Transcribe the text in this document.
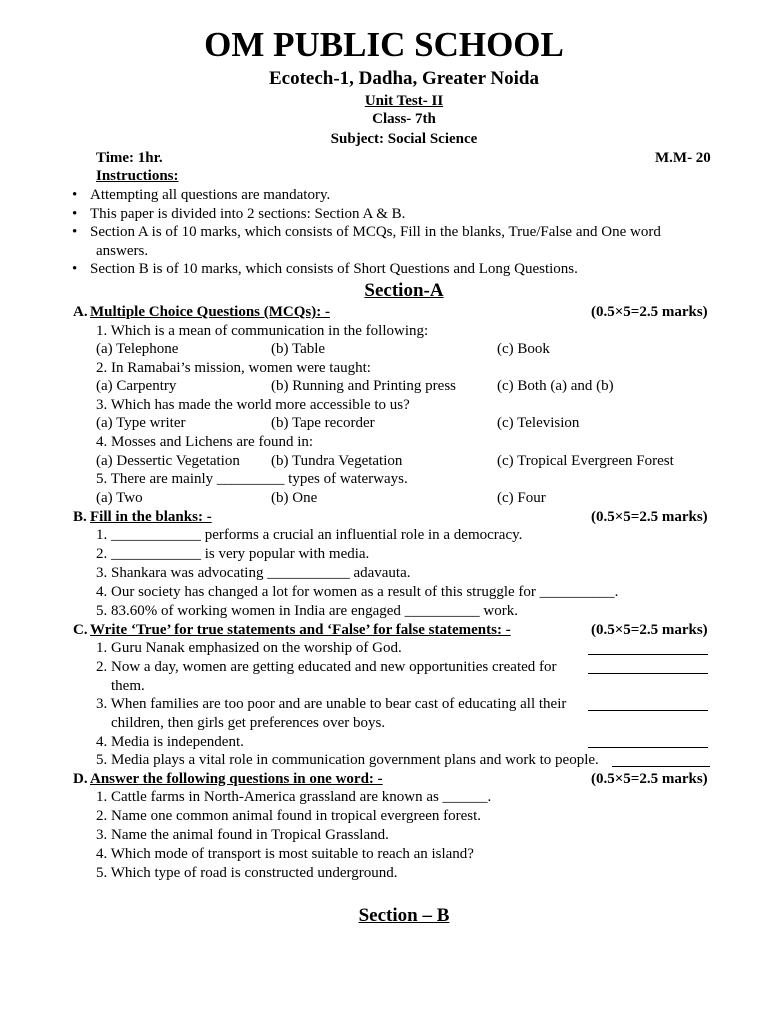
OM PUBLIC SCHOOL
Ecotech-1, Dadha, Greater Noida
Unit Test- II
Class- 7th
Subject: Social Science
Time: 1hr.	M.M- 20
Instructions:
• Attempting all questions are mandatory.
• This paper is divided into 2 sections: Section A & B.
• Section A is of 10 marks, which consists of MCQs, Fill in the blanks, True/False and One word
answers.
• Section B is of 10 marks, which consists of Short Questions and Long Questions.
Section-A
A. Multiple Choice Questions (MCQs): -	(0.5×5=2.5 marks)
1. Which is a mean of communication in the following:
(a) Telephone	(b) Table	(c) Book
2. In Ramabai’s mission, women were taught:
(a) Carpentry	(b) Running and Printing press	(c) Both (a) and (b)
3. Which has made the world more accessible to us?
(a) Type writer	(b) Tape recorder	(c) Television
4. Mosses and Lichens are found in:
(a) Dessertic Vegetation (b) Tundra Vegetation	(c) Tropical Evergreen Forest
5. There are mainly _________ types of waterways.
(a) Two	(b) One	(c) Four
B. Fill in the blanks: -	(0.5×5=2.5 marks)
1. ____________ performs a crucial an influential role in a democracy.
2. ____________ is very popular with media.
3. Shankara was advocating ___________ adavauta.
4. Our society has changed a lot for women as a result of this struggle for __________.
5. 83.60% of working women in India are engaged __________ work.
C. Write ‘True’ for true statements and ‘False’ for false statements: -	(0.5×5=2.5 marks)
1. Guru Nanak emphasized on the worship of God.
2. Now a day, women are getting educated and new opportunities created for
them.
3. When families are too poor and are unable to bear cast of educating all their
children, then girls get preferences over boys.
4. Media is independent.
5. Media plays a vital role in communication government plans and work to people.
D. Answer the following questions in one word: -	(0.5×5=2.5 marks)
1. Cattle farms in North-America grassland are known as ______.
2. Name one common animal found in tropical evergreen forest.
3. Name the animal found in Tropical Grassland.
4. Which mode of transport is most suitable to reach an island?
5. Which type of road is constructed underground.
Section – B
